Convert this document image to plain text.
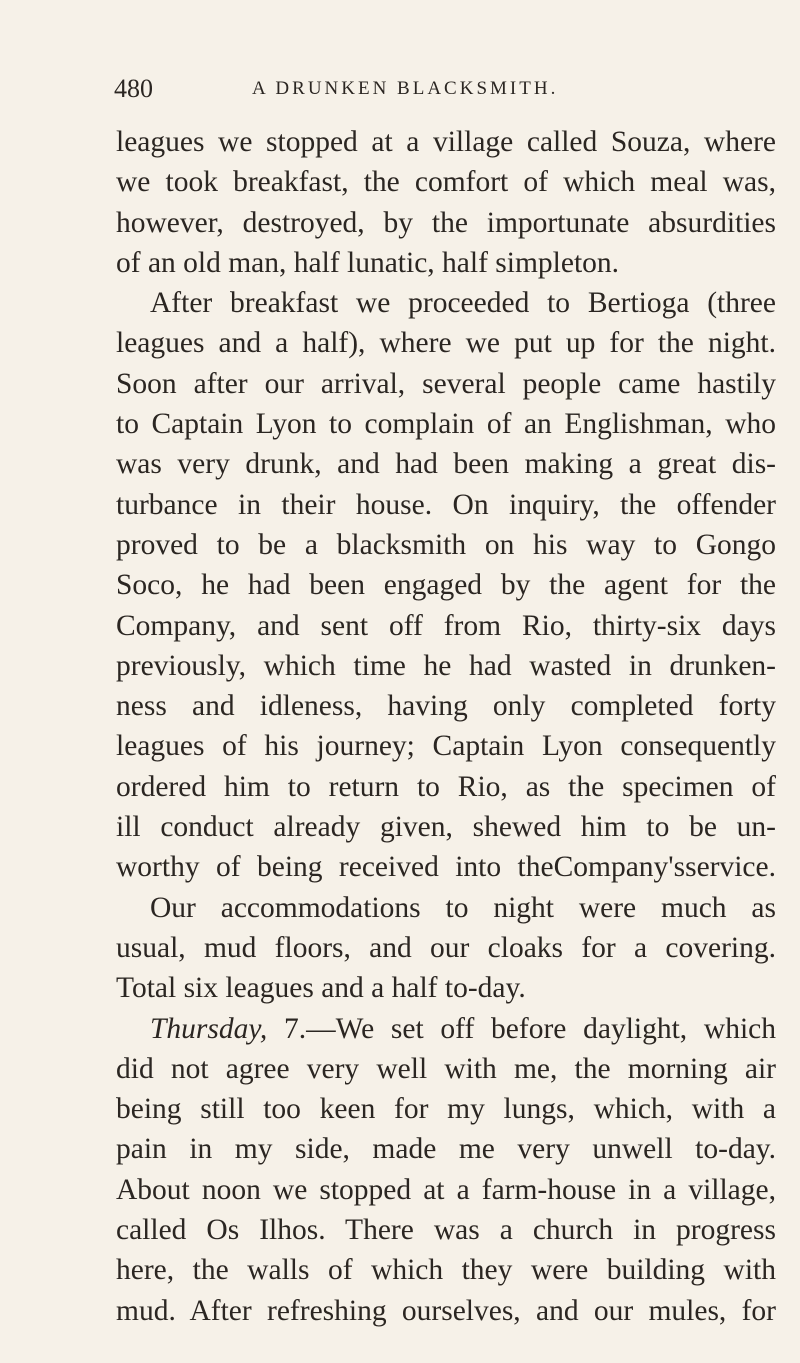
480	A DRUNKEN BLACKSMITH.
leagues we stopped at a village called Souza, where
we took breakfast, the comfort of which meal was,
however, destroyed, by the importunate absurdities
of an old man, half lunatic, half simpleton.
After breakfast we proceeded to Bertioga (three
leagues and a half), where we put up for the night.
Soon after our arrival, several people came hastily
to Captain Lyon to complain of an Englishman, who
was very drunk, and had been making a great dis-
turbance in their house. On inquiry, the offender
proved to be a blacksmith on his way to Gongo
Soco, he had been engaged by the agent for the
Company, and sent off from Rio, thirty-six days
previously, which time he had wasted in drunken-
ness and idleness, having only completed forty
leagues of his journey; Captain Lyon consequently
ordered him to return to Rio, as the specimen of
ill conduct already given, shewed him to be un-
worthy of being received into theCompany'sservice.
Our accommodations to night were much as
usual, mud floors, and our cloaks for a covering.
Total six leagues and a half to-day.
Thursday, 7.—We set off before daylight, which
did not agree very well with me, the morning air
being still too keen for my lungs, which, with a
pain in my side, made me very unwell to-day.
About noon we stopped at a farm-house in a village,
called Os Ilhos. There was a church in progress
here, the walls of which they were building with
mud. After refreshing ourselves, and our mules, for
